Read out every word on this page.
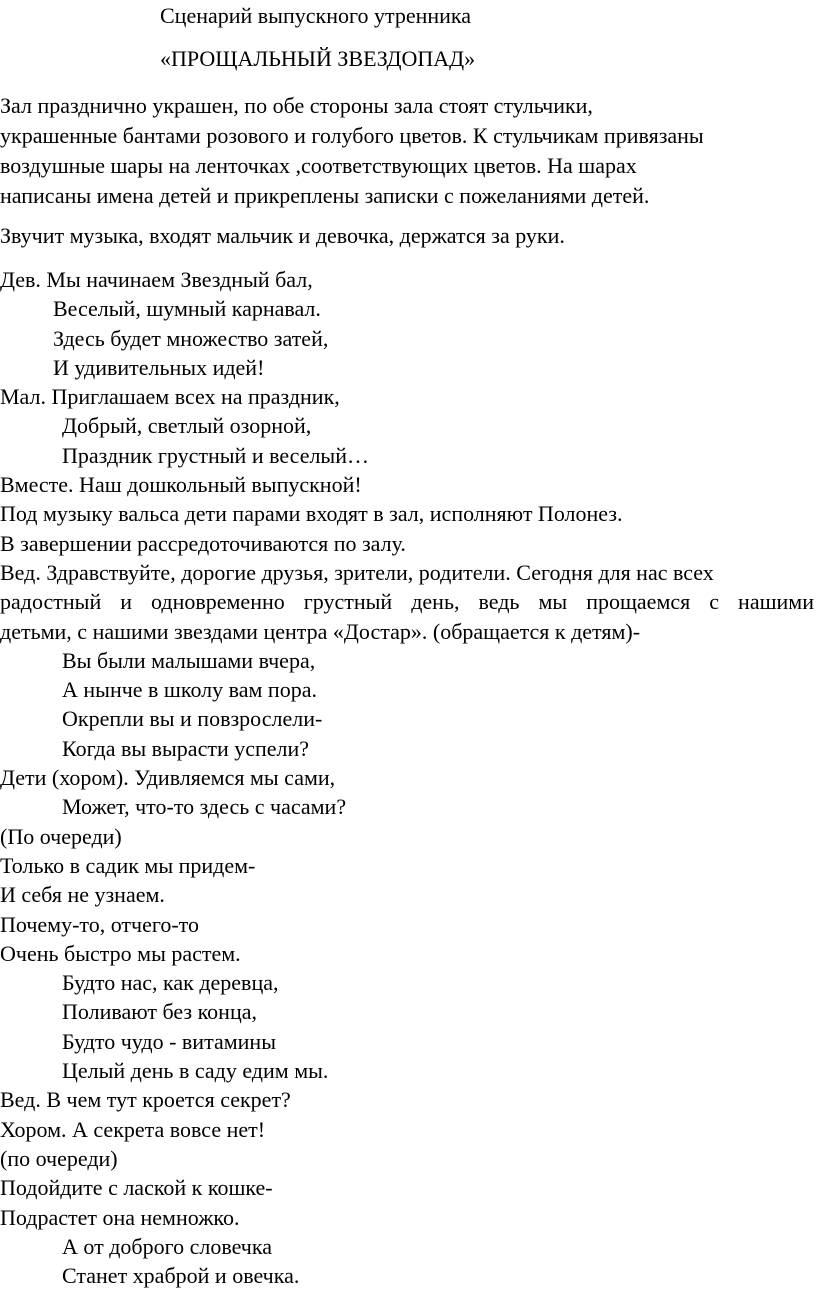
Сценарий выпускного утренника
«ПРОЩАЛЬНЫЙ ЗВЕЗДОПАД»
Зал празднично украшен, по обе стороны зала стоят стульчики,
украшенные бантами розового и голубого цветов. К стульчикам привязаны
воздушные шары на ленточках ,соответствующих цветов. На шарах
написаны имена детей и прикреплены записки с пожеланиями детей.
Звучит музыка, входят мальчик и девочка, держатся за руки.
Дев. Мы начинаем Звездный бал,
Веселый, шумный карнавал.
Здесь будет множество затей,
И удивительных идей!
Мал. Приглашаем всех на праздник,
Добрый, светлый озорной,
Праздник грустный и веселый…
Вместе. Наш дошкольный выпускной!
Под музыку вальса дети парами входят в зал, исполняют Полонез.
В завершении рассредоточиваются по залу.
Вед. Здравствуйте, дорогие друзья, зрители, родители. Сегодня для нас всех
радостный и одновременно грустный день, ведь мы прощаемся с нашими
детьми, с нашими звездами центра «Достар». (обращается к детям)-
Вы были малышами вчера,
А нынче в школу вам пора.
Окрепли вы и повзрослели-
Когда вы вырасти успели?
Дети (хором). Удивляемся мы сами,
Может, что-то здесь с часами?
(По очереди)
Только в садик мы придем-
И себя не узнаем.
Почему-то, отчего-то
Очень быстро мы растем.
Будто нас, как деревца,
Поливают без конца,
Будто чудо - витамины
Целый день в саду едим мы.
Вед. В чем тут кроется секрет?
Хором. А секрета вовсе нет!
(по очереди)
Подойдите с лаской к кошке-
Подрастет она немножко.
А от доброго словечка
Станет храброй и овечка.
